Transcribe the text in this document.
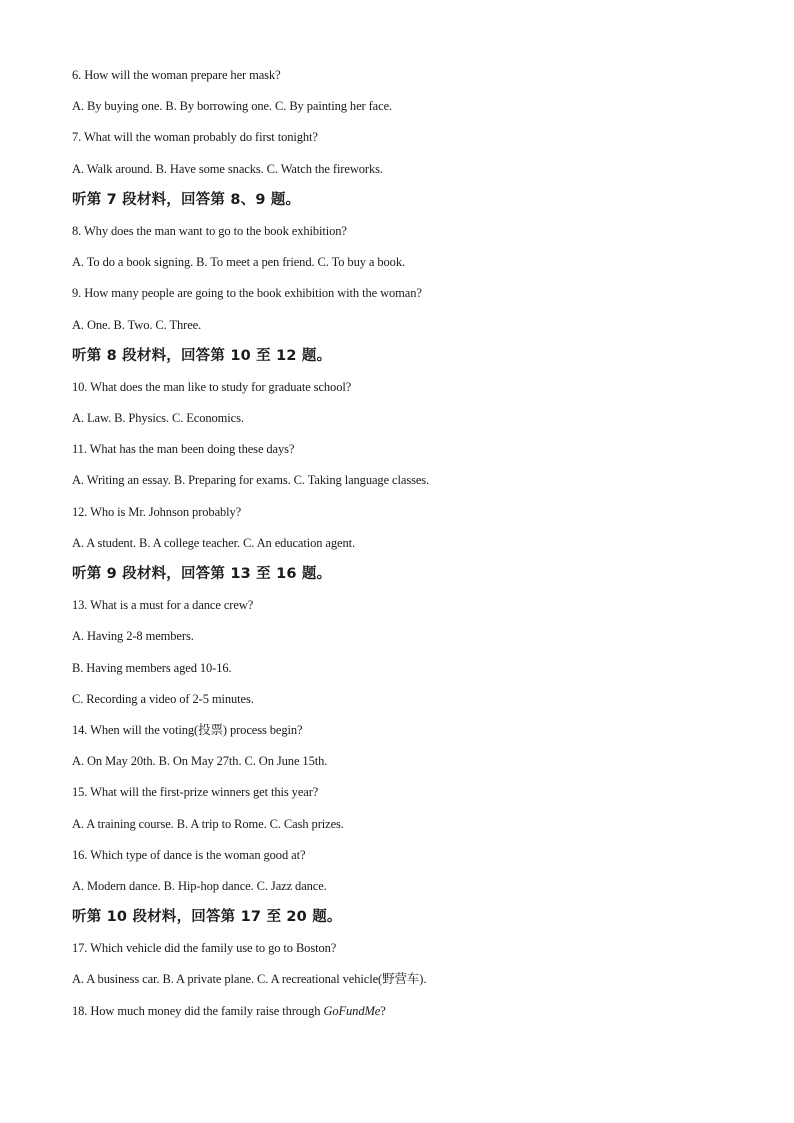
6. How will the woman prepare her mask?
A. By buying one. B. By borrowing one. C. By painting her face.
7. What will the woman probably do first tonight?
A. Walk around. B. Have some snacks. C. Watch the fireworks.
听第 7 段材料，回答第 8、9 题。
8. Why does the man want to go to the book exhibition?
A. To do a book signing. B. To meet a pen friend. C. To buy a book.
9. How many people are going to the book exhibition with the woman?
A. One. B. Two. C. Three.
听第 8 段材料，回答第 10 至 12 题。
10. What does the man like to study for graduate school?
A. Law. B. Physics. C. Economics.
11. What has the man been doing these days?
A. Writing an essay. B. Preparing for exams. C. Taking language classes.
12. Who is Mr. Johnson probably?
A. A student. B. A college teacher. C. An education agent.
听第 9 段材料，回答第 13 至 16 题。
13. What is a must for a dance crew?
A. Having 2-8 members.
B. Having members aged 10-16.
C. Recording a video of 2-5 minutes.
14. When will the voting(投票) process begin?
A. On May 20th. B. On May 27th. C. On June 15th.
15. What will the first-prize winners get this year?
A. A training course. B. A trip to Rome. C. Cash prizes.
16. Which type of dance is the woman good at?
A. Modern dance. B. Hip-hop dance. C. Jazz dance.
听第 10 段材料，回答第 17 至 20 题。
17. Which vehicle did the family use to go to Boston?
A. A business car. B. A private plane. C. A recreational vehicle(野营车).
18. How much money did the family raise through GoFundMe?
